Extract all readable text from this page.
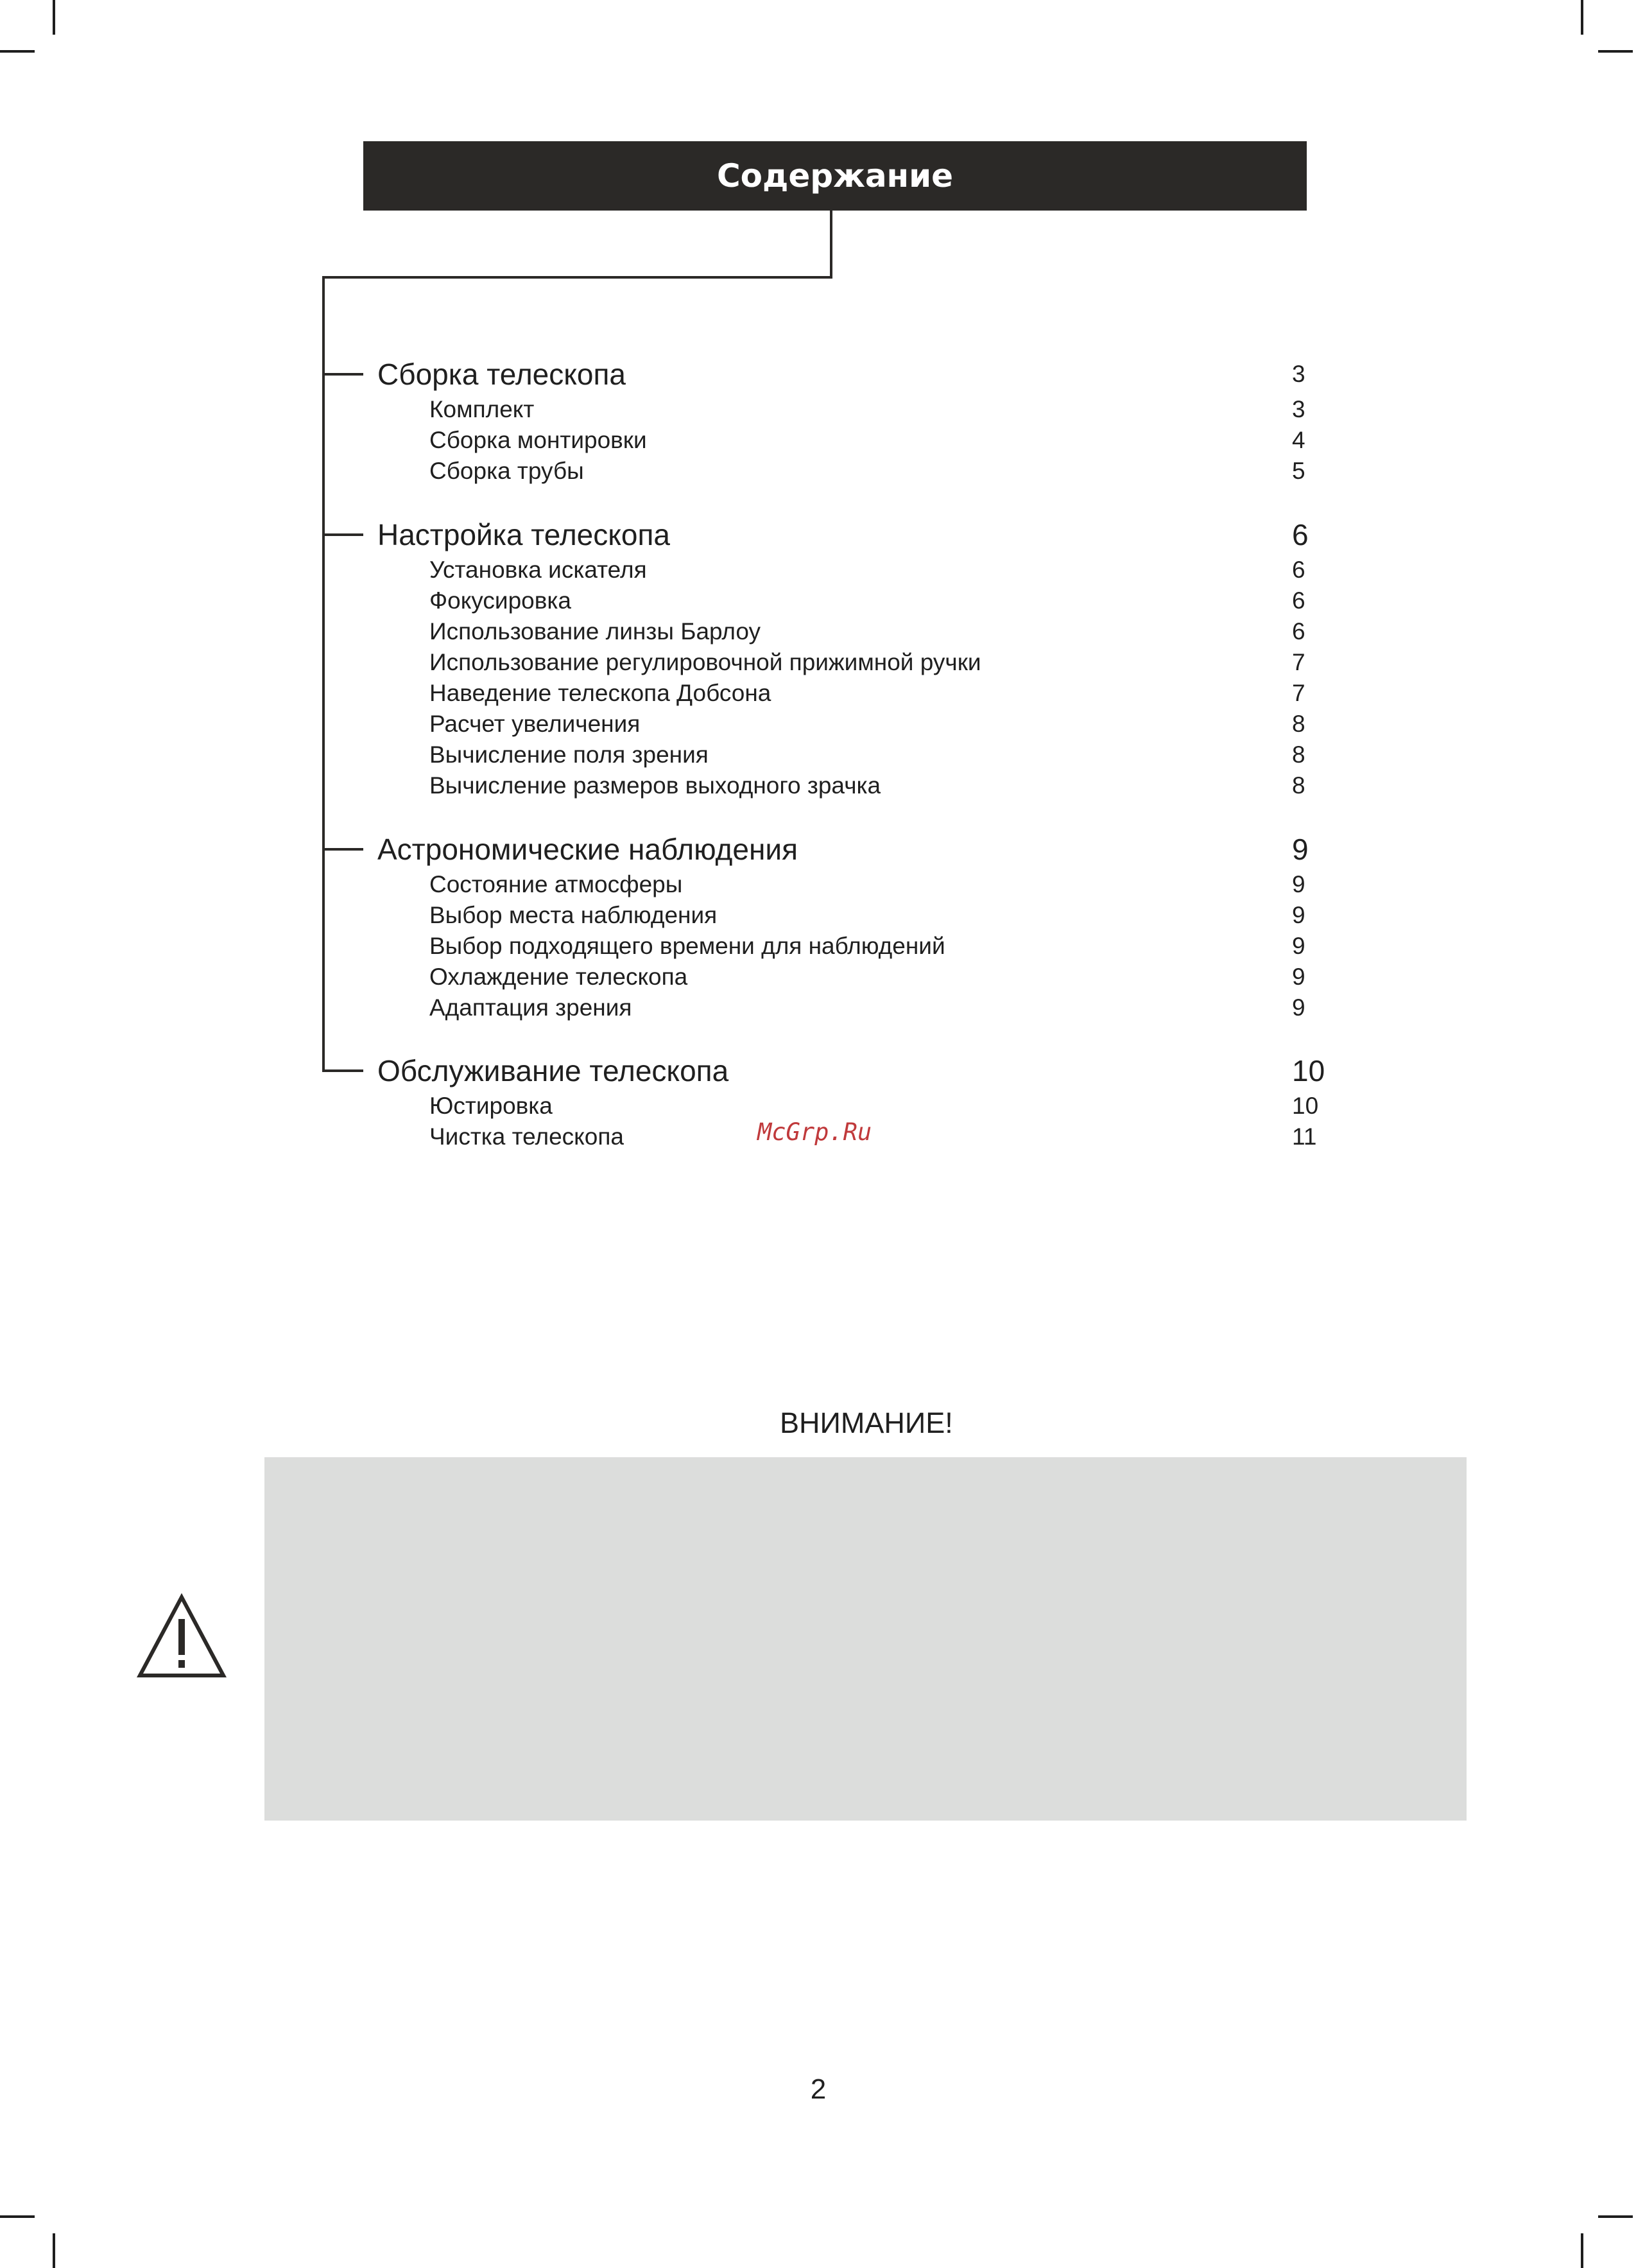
Содержание
Сборка телескопа	3
Комплект	3
Сборка монтировки	4
Сборка трубы	5
Настройка телескопа	6
Установка искателя	6
Фокусировка	6
Использование линзы Барлоу	6
Использование регулировочной прижимной ручки	7
Наведение телескопа Добсона	7
Расчет увеличения	8
Вычисление поля зрения	8
Вычисление размеров выходного зрачка	8
Астрономические наблюдения	9
Состояние атмосферы	9
Выбор места наблюдения	9
Выбор подходящего времени для наблюдений	9
Охлаждение телескопа	9
Адаптация зрения	9
Обслуживание телескопа	10
Юстировка	10
Чистка телескопа	11
McGrp.Ru
ВНИМАНИЕ!
2
